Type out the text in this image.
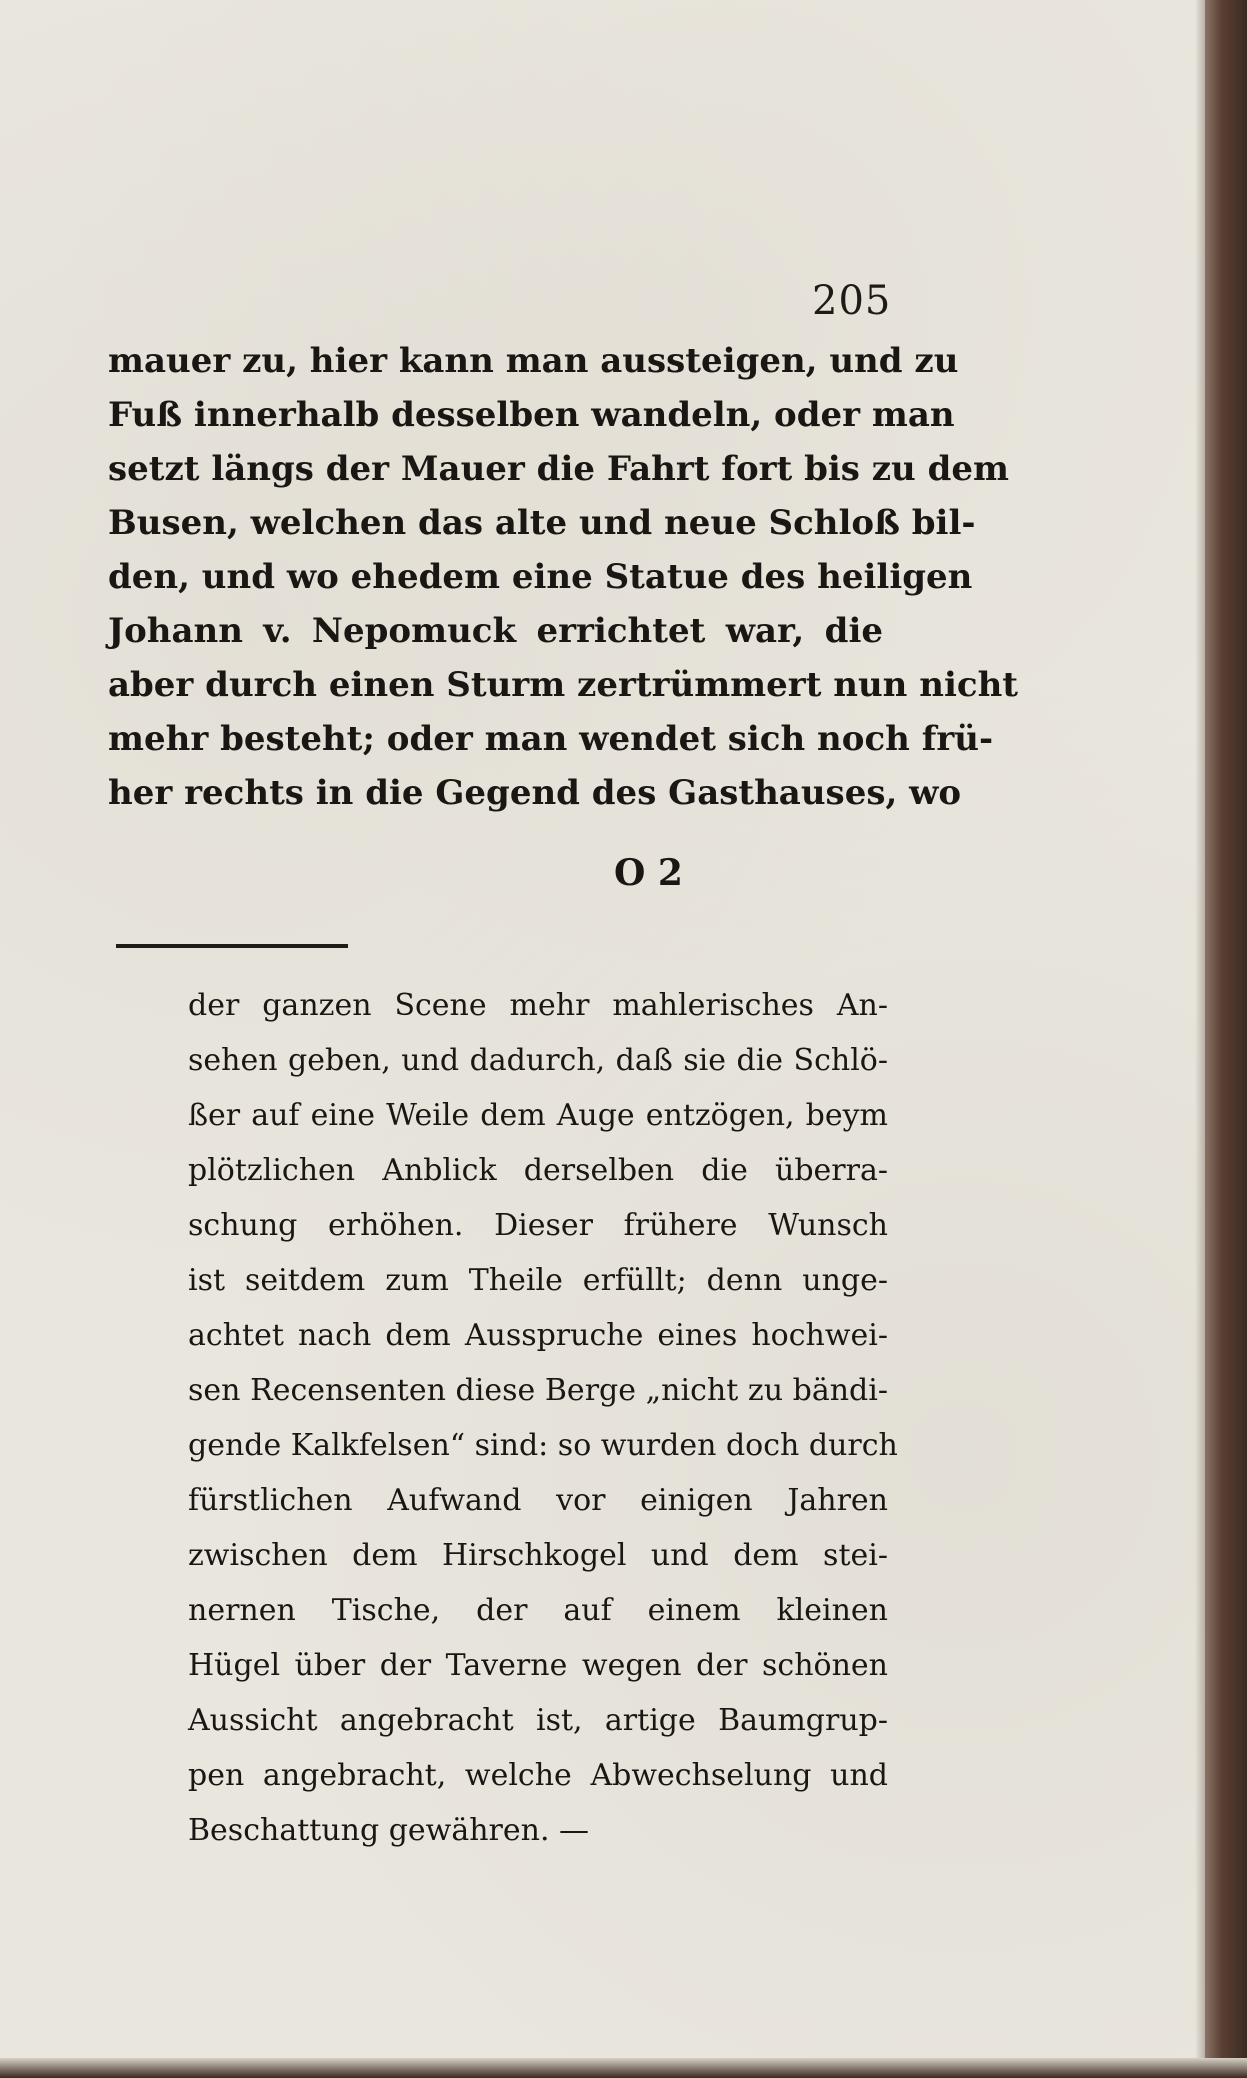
205
mauer zu, hier kann man aussteigen, und zu
Fuß innerhalb desselben wandeln, oder man
setzt längs der Mauer die Fahrt fort bis zu dem
Busen, welchen das alte und neue Schloß bil-
den, und wo ehedem eine Statue des heiligen
Johann v. Nepomuck errichtet war, die
aber durch einen Sturm zertrümmert nun nicht
mehr besteht; oder man wendet sich noch frü-
her rechts in die Gegend des Gasthauses, wo
O 2
der ganzen Scene mehr mahlerisches An-
sehen geben, und dadurch, daß sie die Schlö-
ßer auf eine Weile dem Auge entzögen, beym
plötzlichen Anblick derselben die überra-
schung erhöhen. Dieser frühere Wunsch
ist seitdem zum Theile erfüllt; denn unge-
achtet nach dem Ausspruche eines hochwei-
sen Recensenten diese Berge „nicht zu bändi-
gende Kalkfelsen“ sind: so wurden doch durch
fürstlichen Aufwand vor einigen Jahren
zwischen dem Hirschkogel und dem stei-
nernen Tische, der auf einem kleinen
Hügel über der Taverne wegen der schönen
Aussicht angebracht ist, artige Baumgrup-
pen angebracht, welche Abwechselung und
Beschattung gewähren. —
